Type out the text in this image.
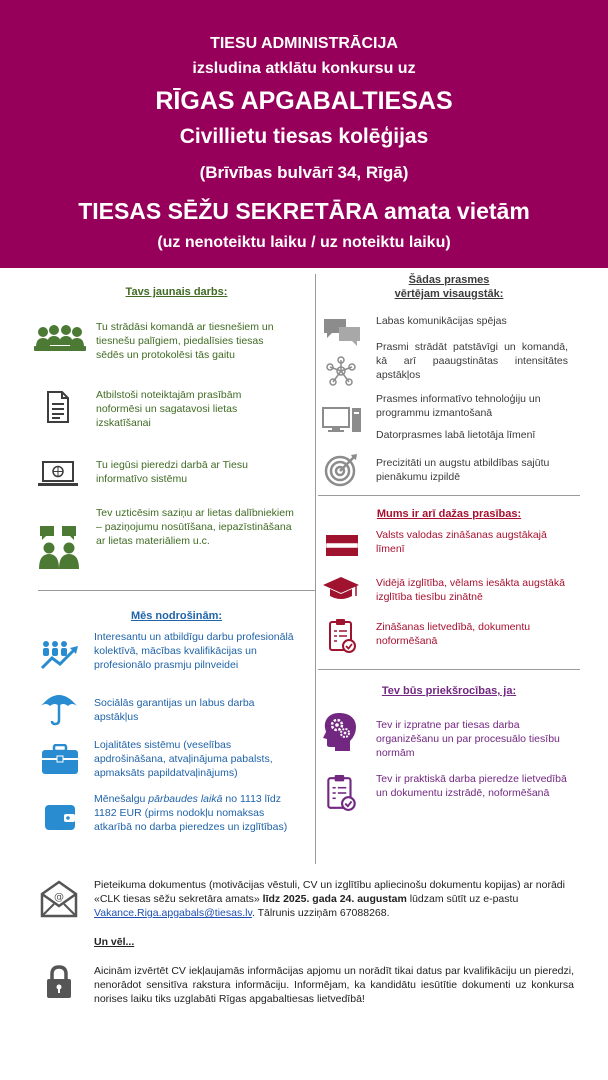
TIESU ADMINISTRĀCIJA
izsludina atklātu konkursu uz
RĪGAS APGABALTIESAS
Civillietu tiesas kolēģijas
(Brīvības bulvārī 34, Rīgā)
TIESAS SĒŽU SEKRETĀRA amata vietām
(uz nenoteiktu laiku / uz noteiktu laiku)
Tavs jaunais darbs:
Tu strādāsi komandā ar tiesnešiem un tiesnešu palīgiem, piedalīsies tiesas sēdēs un protokolēsi tās gaitu
Atbilstoši noteiktajām prasībām noformēsi un sagatavosi lietas izskatīšanai
Tu iegūsi pieredzi darbā ar Tiesu informatīvo sistēmu
Tev uzticēsim saziņu ar lietas dalībniekiem – paziņojumu nosūtīšana, iepazīstināšana ar lietas materiāliem u.c.
Mēs nodrošinām:
Interesantu un atbildīgu darbu profesionālā kolektīvā, mācības kvalifikācijas un profesionālo prasmju pilnveidei
Sociālās garantijas un labus darba apstākļus
Lojalitātes sistēmu (veselības apdrošināšana, atvaļinājuma pabalsts, apmaksāts papildatvaļinājums)
Mēnešalgu pārbaudes laikā no 1113 līdz 1182 EUR (pirms nodokļu nomaksas atkarībā no darba pieredzes un izglītības)
Šādas prasmes
vērtējam visaugstāk:
Labas komunikācijas spējas
Prasmi strādāt patstāvīgi un komandā, kā arī paaugstinātas intensitātes apstākļos
Prasmes informatīvo tehnoloģiju un programmu izmantošanā
Datorprasmes labā lietotāja līmenī
Precizitāti un augstu atbildības sajūtu pienākumu izpildē
Mums ir arī dažas prasības:
Valsts valodas zināšanas augstākajā līmenī
Vidējā izglītība, vēlams iesākta augstākā izglītība tiesību zinātnē
Zināšanas lietvedībā, dokumentu noformēšanā
Tev būs priekšrocības, ja:
Tev ir izpratne par tiesas darba organizēšanu un par procesuālo tiesību normām
Tev ir praktiskā darba pieredze lietvedībā un dokumentu izstrādē, noformēšanā
@
Pieteikuma dokumentus (motivācijas vēstuli, CV un izglītību apliecinošu dokumentu kopijas) ar norādi «CLK tiesas sēžu sekretāra amats» līdz 2025. gada 24. augustam lūdzam sūtīt uz e-pastu Vakance.Riga.apgabals@tiesas.lv. Tālrunis uzziņām 67088268.
Un vēl...
Aicinām izvērtēt CV iekļaujamās informācijas apjomu un norādīt tikai datus par kvalifikāciju un pieredzi, nenorādot sensitīva rakstura informāciju. Informējam, ka kandidātu iesūtītie dokumenti uz konkursa norises laiku tiks uzglabāti Rīgas apgabaltiesas lietvedībā!
